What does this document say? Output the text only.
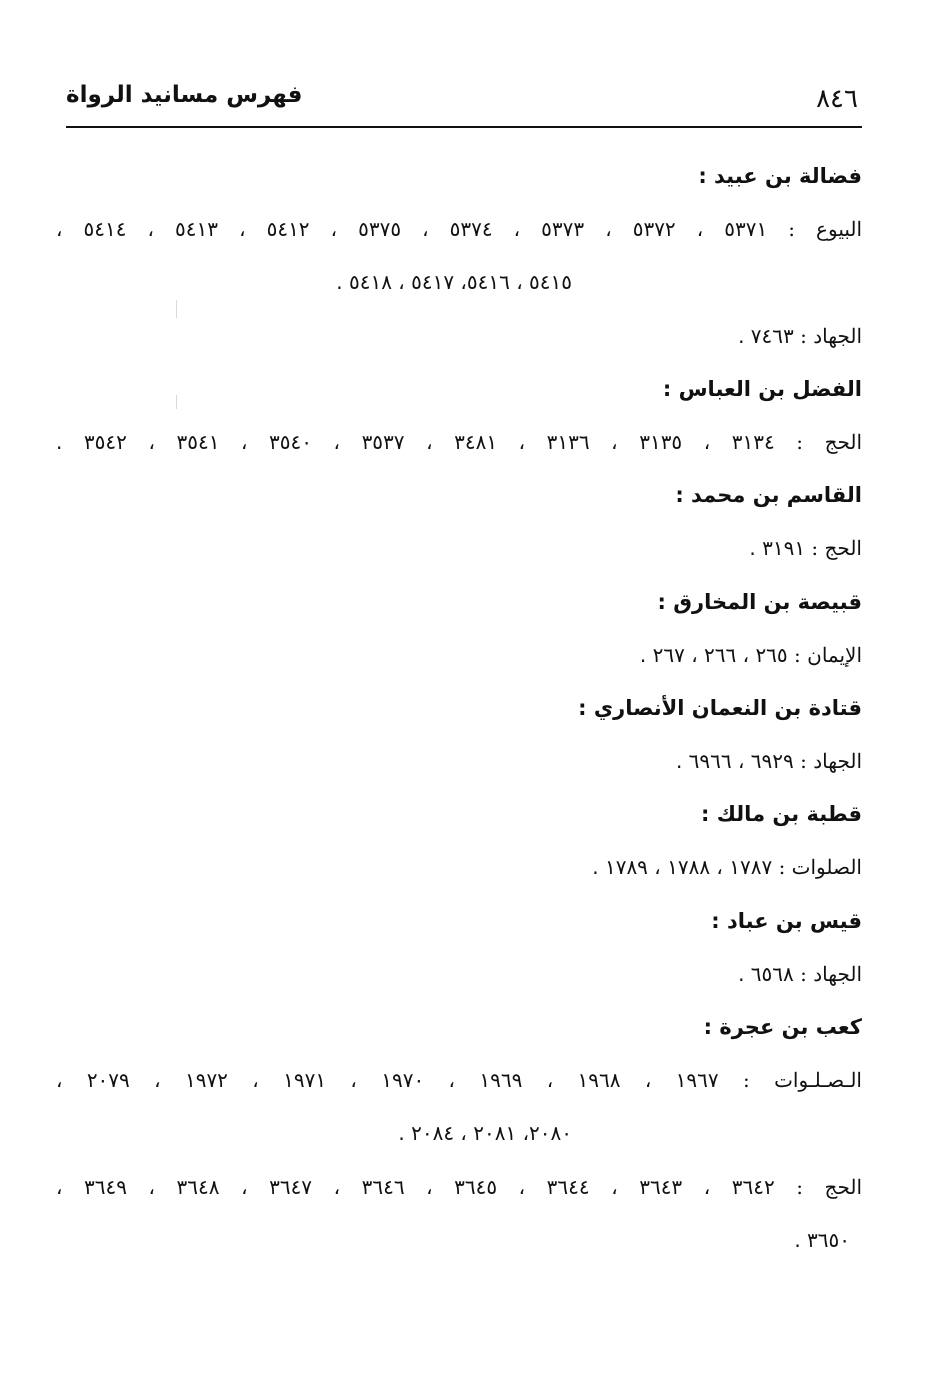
٨٤٦
فهرس مسانيد الرواة
فضالة بن عبيد :
البيوع : ٥٣٧١ ، ٥٣٧٢ ، ٥٣٧٣ ، ٥٣٧٤ ، ٥٣٧٥ ، ٥٤١٢ ، ٥٤١٣ ، ٥٤١٤ ،
٥٤١٥ ، ٥٤١٦، ٥٤١٧ ، ٥٤١٨ .
الجهاد : ٧٤٦٣ .
الفضل بن العباس :
الحج : ٣١٣٤ ، ٣١٣٥ ، ٣١٣٦ ، ٣٤٨١ ، ٣٥٣٧ ، ٣٥٤٠ ، ٣٥٤١ ، ٣٥٤٢ .
القاسم بن محمد :
الحج : ٣١٩١ .
قبيصة بن المخارق :
الإيمان : ٢٦٥ ، ٢٦٦ ، ٢٦٧ .
قتادة بن النعمان الأنصاري :
الجهاد : ٦٩٢٩ ، ٦٩٦٦ .
قطبة بن مالك :
الصلوات : ١٧٨٧ ، ١٧٨٨ ، ١٧٨٩ .
قيس بن عباد :
الجهاد : ٦٥٦٨ .
كعب بن عجرة :
الـصـلـوات : ١٩٦٧ ، ١٩٦٨ ، ١٩٦٩ ، ١٩٧٠ ، ١٩٧١ ، ١٩٧٢ ، ٢٠٧٩ ،
٢٠٨٠، ٢٠٨١ ، ٢٠٨٤ .
الحج : ٣٦٤٢ ، ٣٦٤٣ ، ٣٦٤٤ ، ٣٦٤٥ ، ٣٦٤٦ ، ٣٦٤٧ ، ٣٦٤٨ ، ٣٦٤٩ ،
٣٦٥٠ .
